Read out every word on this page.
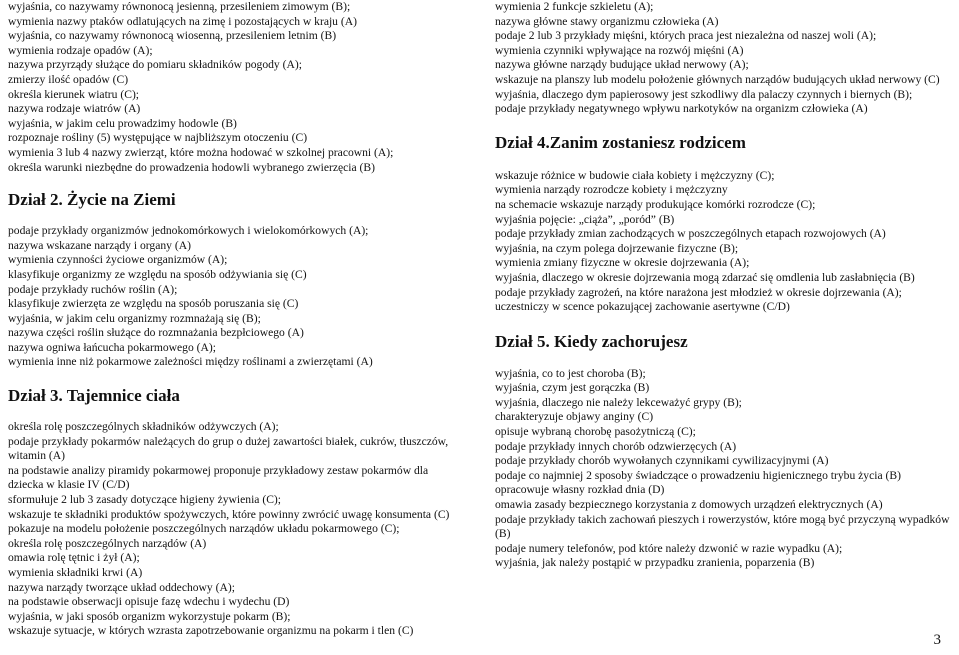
wyjaśnia, co nazywamy równonocą jesienną, przesileniem zimowym (B);
wymienia nazwy ptaków odlatujących na zimę i pozostających w kraju (A)
wyjaśnia, co nazywamy równonocą wiosenną, przesileniem letnim (B)
wymienia rodzaje opadów (A);
nazywa przyrządy służące do pomiaru składników pogody (A);
zmierzy ilość opadów (C)
określa kierunek wiatru (C);
nazywa rodzaje wiatrów (A)
wyjaśnia, w jakim celu prowadzimy hodowle (B)
rozpoznaje rośliny (5) występujące w najbliższym otoczeniu (C)
wymienia 3 lub 4 nazwy zwierząt, które można hodować w szkolnej pracowni (A);
określa warunki niezbędne do prowadzenia hodowli wybranego zwierzęcia (B)
Dział 2. Życie na Ziemi
podaje przykłady organizmów jednokomórkowych i wielokomórkowych (A);
nazywa wskazane narządy i organy (A)
wymienia czynności życiowe organizmów (A);
klasyfikuje organizmy ze względu na sposób odżywiania się (C)
podaje przykłady ruchów roślin (A);
klasyfikuje zwierzęta ze względu na sposób poruszania się (C)
wyjaśnia, w jakim celu organizmy rozmnażają się (B);
nazywa części roślin służące do rozmnażania bezpłciowego (A)
nazywa ogniwa łańcucha pokarmowego (A);
wymienia inne niż pokarmowe zależności między roślinami a zwierzętami (A)
Dział 3. Tajemnice ciała
określa rolę poszczególnych składników odżywczych (A);
podaje przykłady pokarmów należących do grup o dużej zawartości białek, cukrów, tłuszczów,
witamin (A)
na podstawie analizy piramidy pokarmowej proponuje przykładowy zestaw pokarmów dla
dziecka w klasie IV (C/D)
sformułuje 2 lub 3 zasady dotyczące higieny żywienia (C);
wskazuje te składniki produktów spożywczych, które powinny zwrócić uwagę konsumenta (C)
pokazuje na modelu położenie poszczególnych narządów układu pokarmowego (C);
określa rolę poszczególnych narządów (A)
omawia rolę tętnic i żył (A);
wymienia składniki krwi (A)
nazywa narządy tworzące układ oddechowy (A);
na podstawie obserwacji opisuje fazę wdechu i wydechu (D)
wyjaśnia, w jaki sposób organizm wykorzystuje pokarm (B);
wskazuje sytuacje, w których wzrasta zapotrzebowanie organizmu na pokarm i tlen (C)
wymienia 2 funkcje szkieletu (A);
nazywa główne stawy organizmu człowieka (A)
podaje 2 lub 3 przykłady mięśni, których praca jest niezależna od naszej woli (A);
wymienia czynniki wpływające na rozwój mięśni (A)
nazywa główne narządy budujące układ nerwowy (A);
wskazuje na planszy lub modelu położenie głównych narządów budujących układ nerwowy (C)
wyjaśnia, dlaczego dym papierosowy jest szkodliwy dla palaczy czynnych i biernych (B);
podaje przykłady negatywnego wpływu narkotyków na organizm człowieka (A)
Dział 4.Zanim zostaniesz rodzicem
wskazuje różnice w budowie ciała kobiety i mężczyzny (C);
wymienia narządy rozrodcze kobiety i mężczyzny
na schemacie wskazuje narządy produkujące komórki rozrodcze (C);
wyjaśnia pojęcie: „ciąża”, „poród” (B)
podaje przykłady zmian zachodzących w poszczególnych etapach rozwojowych (A)
wyjaśnia, na czym polega dojrzewanie fizyczne (B);
wymienia zmiany fizyczne w okresie dojrzewania (A);
wyjaśnia, dlaczego w okresie dojrzewania mogą zdarzać się omdlenia lub zasłabnięcia (B)
podaje przykłady zagrożeń, na które narażona jest młodzież w okresie dojrzewania (A);
uczestniczy w scence pokazującej zachowanie asertywne (C/D)
Dział 5. Kiedy zachorujesz
wyjaśnia, co to jest choroba (B);
wyjaśnia, czym jest gorączka (B)
wyjaśnia, dlaczego nie należy lekceważyć grypy (B);
charakteryzuje objawy anginy (C)
opisuje wybraną chorobę pasożytniczą (C);
podaje przykłady innych chorób odzwierzęcych (A)
podaje przykłady chorób wywołanych czynnikami cywilizacyjnymi (A)
podaje co najmniej 2 sposoby świadczące o prowadzeniu higienicznego trybu życia (B)
opracowuje własny rozkład dnia (D)
omawia zasady bezpiecznego korzystania z domowych urządzeń elektrycznych (A)
podaje przykłady takich zachowań pieszych i rowerzystów, które mogą być przyczyną wypadków
(B)
podaje numery telefonów, pod które należy dzwonić w razie wypadku (A);
wyjaśnia, jak należy postąpić w przypadku zranienia, poparzenia (B)
3
